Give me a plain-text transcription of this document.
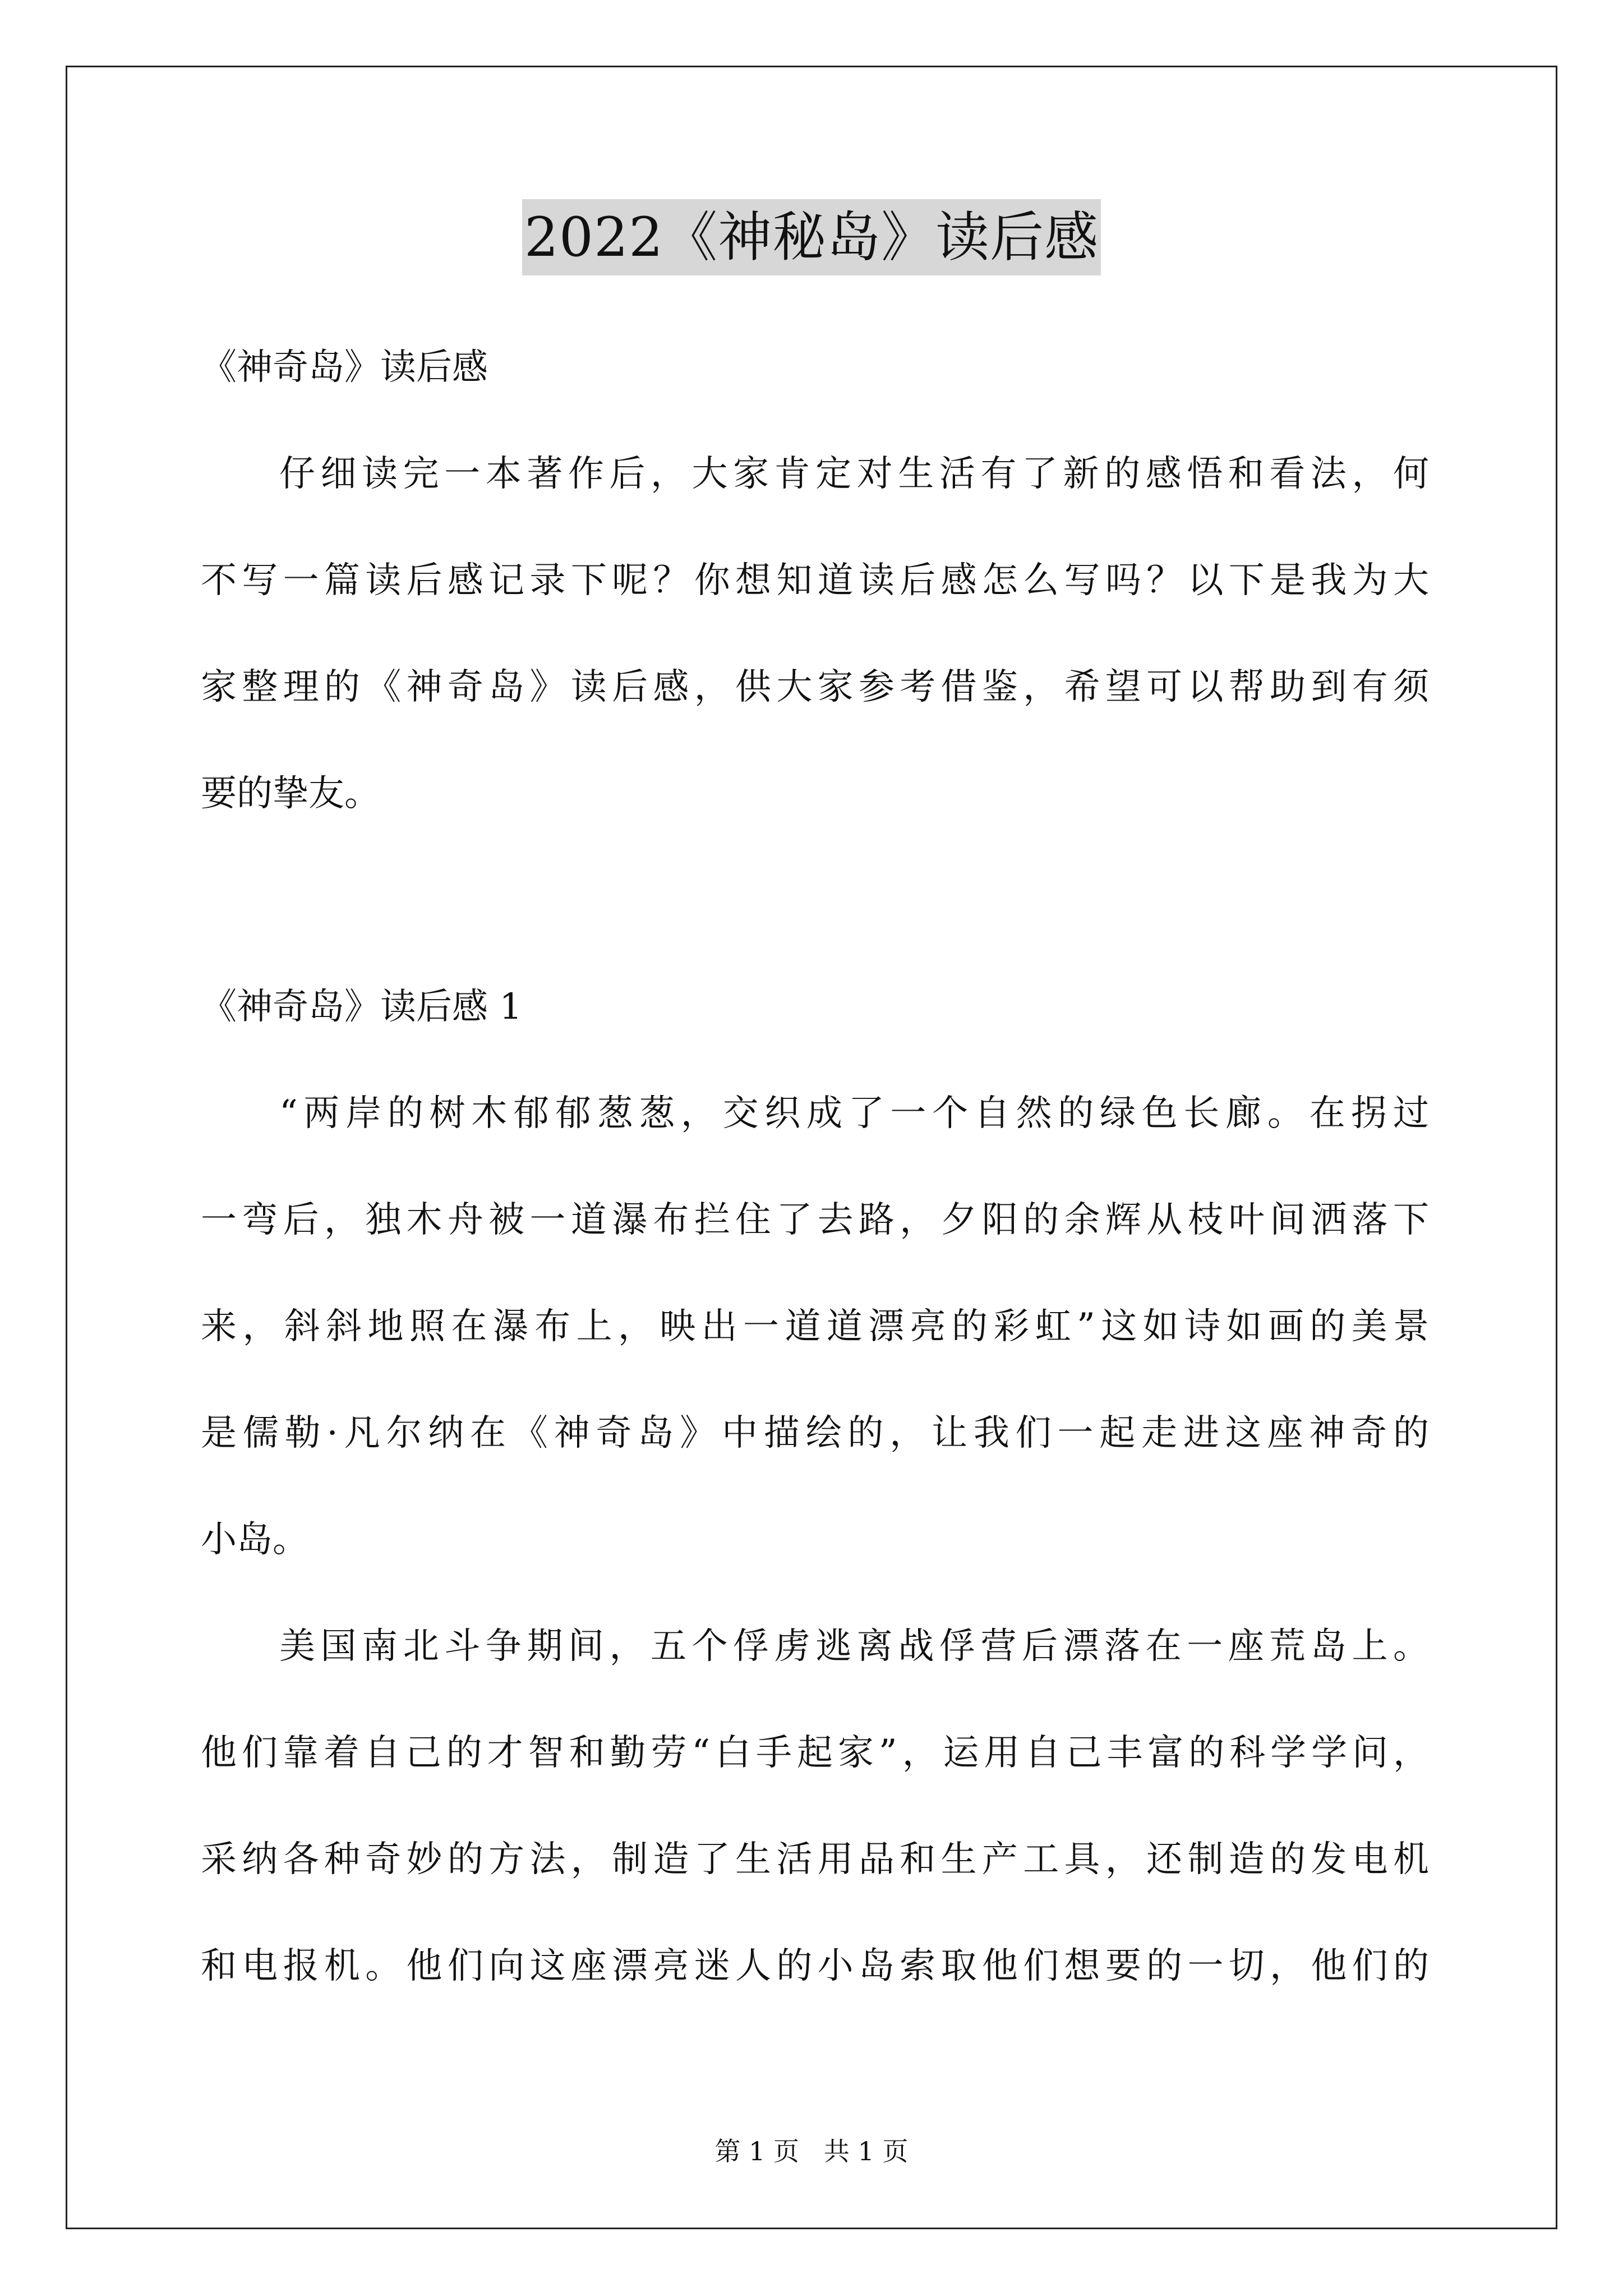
2022《神秘岛》读后感

《神奇岛》读后感

仔细读完一本著作后，大家肯定对生活有了新的感悟和看法，何
不写一篇读后感记录下呢？你想知道读后感怎么写吗？以下是我为大
家整理的《神奇岛》读后感，供大家参考借鉴，希望可以帮助到有须
要的挚友。

《神奇岛》读后感 1

“两岸的树木郁郁葱葱，交织成了一个自然的绿色长廊。在拐过
一弯后，独木舟被一道瀑布拦住了去路，夕阳的余辉从枝叶间洒落下
来，斜斜地照在瀑布上，映出一道道漂亮的彩虹”这如诗如画的美景
是儒勒·凡尔纳在《神奇岛》中描绘的，让我们一起走进这座神奇的
小岛。

美国南北斗争期间，五个俘虏逃离战俘营后漂落在一座荒岛上。
他们靠着自己的才智和勤劳“白手起家”，运用自己丰富的科学学问，
采纳各种奇妙的方法，制造了生活用品和生产工具，还制造的发电机
和电报机。他们向这座漂亮迷人的小岛索取他们想要的一切，他们的

第 1 页   共 1 页
